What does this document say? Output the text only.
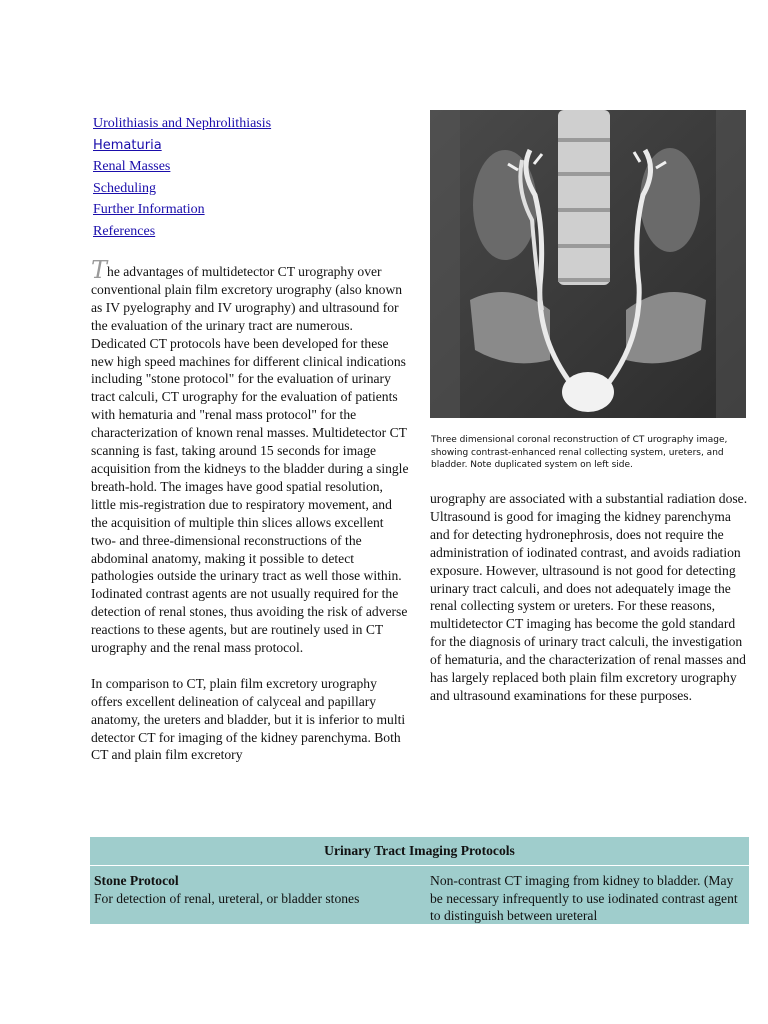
Urolithiasis and Nephrolithiasis
Hematuria
Renal Masses
Scheduling
Further Information
References

The advantages of multidetector CT urography over conventional plain film excretory urography (also known as IV pyelography and IV urography) and ultrasound for the evaluation of the urinary tract are numerous. Dedicated CT protocols have been developed for these new high speed machines for different clinical indications including "stone protocol" for the evaluation of urinary tract calculi, CT urography for the evaluation of patients with hematuria and "renal mass protocol" for the characterization of known renal masses. Multidetector CT scanning is fast, taking around 15 seconds for image acquisition from the kidneys to the bladder during a single breath-hold. The images have good spatial resolution, little mis-registration due to respiratory movement, and the acquisition of multiple thin slices allows excellent two- and three-dimensional reconstructions of the abdominal anatomy, making it possible to detect pathologies outside the urinary tract as well those within. Iodinated contrast agents are not usually required for the detection of renal stones, thus avoiding the risk of adverse reactions to these agents, but are routinely used in CT urography and the renal mass protocol.

In comparison to CT, plain film excretory urography offers excellent delineation of calyceal and papillary anatomy, the ureters and bladder, but it is inferior to multi detector CT for imaging of the kidney parenchyma. Both CT and plain film excretory

Three dimensional coronal reconstruction of CT urography image, showing contrast-enhanced renal collecting system, ureters, and bladder. Note duplicated system on left side.

urography are associated with a substantial radiation dose. Ultrasound is good for imaging the kidney parenchyma and for detecting hydronephrosis, does not require the administration of iodinated contrast, and avoids radiation exposure. However, ultrasound is not good for detecting urinary tract calculi, and does not adequately image the renal collecting system or ureters. For these reasons, multidetector CT imaging has become the gold standard for the diagnosis of urinary tract calculi, the investigation of hematuria, and the characterization of renal masses and has largely replaced both plain film excretory urography and ultrasound examinations for these purposes.

Urinary Tract Imaging Protocols
Stone Protocol
For detection of renal, ureteral, or bladder stones
Non-contrast CT imaging from kidney to bladder. (May be necessary infrequently to use iodinated contrast agent to distinguish between ureteral
